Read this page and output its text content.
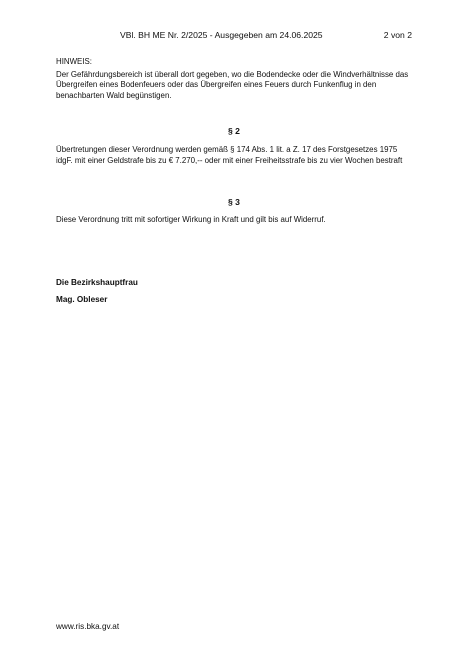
VBl. BH ME Nr. 2/2025 - Ausgegeben am 24.06.2025	2 von 2

HINWEIS:

Der Gefährdungsbereich ist überall dort gegeben, wo die Bodendecke oder die Windverhältnisse das Übergreifen eines Bodenfeuers oder das Übergreifen eines Feuers durch Funkenflug in den benachbarten Wald begünstigen.

§ 2

Übertretungen dieser Verordnung werden gemäß § 174 Abs. 1 lit. a Z. 17 des Forstgesetzes 1975 idgF. mit einer Geldstrafe bis zu € 7.270,-- oder mit einer Freiheitsstrafe bis zu vier Wochen bestraft

§ 3

Diese Verordnung tritt mit sofortiger Wirkung in Kraft und gilt bis auf Widerruf.

Die Bezirkshauptfrau
Mag. Obleser
www.ris.bka.gv.at
